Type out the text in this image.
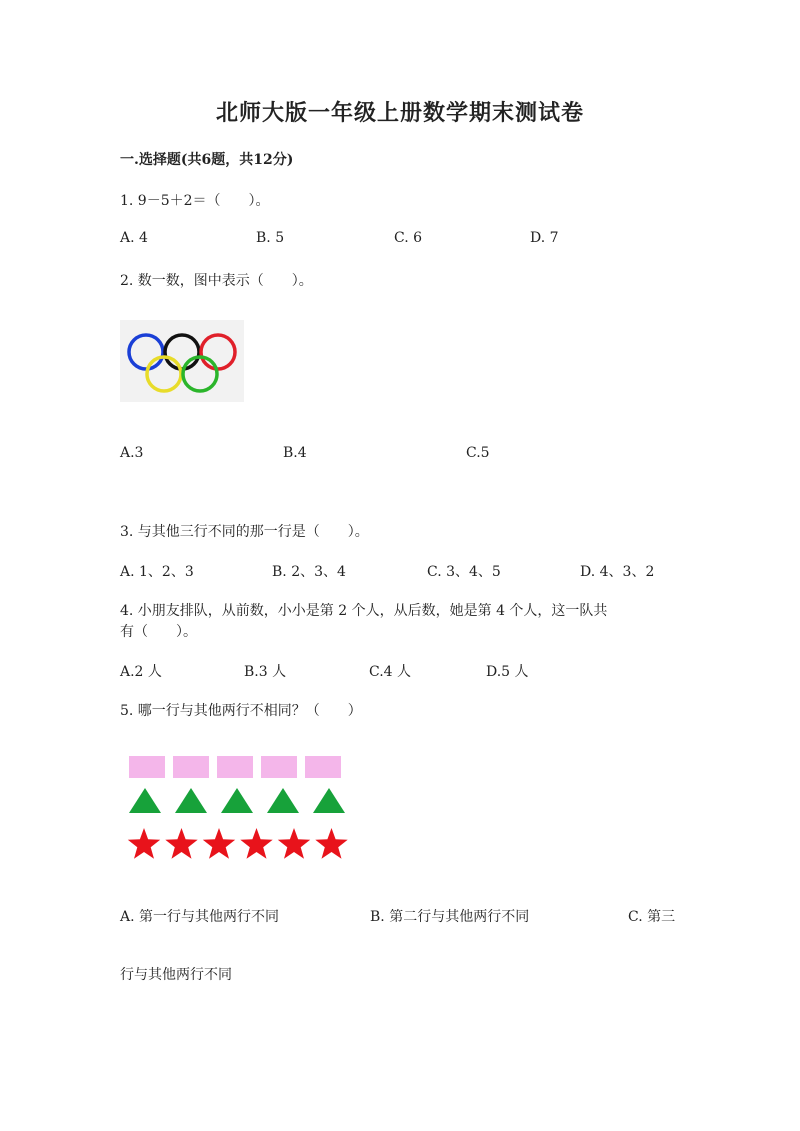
北师大版一年级上册数学期末测试卷
一.选择题(共6题，共12分)
1. 9－5＋2＝（　　）。
A. 4	B. 5	C. 6	D. 7
2. 数一数，图中表示（　　）。
A.3	B.4	C.5
3. 与其他三行不同的那一行是（　　）。
A. 1、2、3	B. 2、3、4	C. 3、4、5	D. 4、3、2
4. 小朋友排队，从前数，小小是第 2 个人，从后数，她是第 4 个人，这一队共
有（　　）。
A.2 人	B.3 人	C.4 人	D.5 人
5. 哪一行与其他两行不相同？（　　）
A. 第一行与其他两行不同	B. 第二行与其他两行不同	C. 第三
行与其他两行不同
